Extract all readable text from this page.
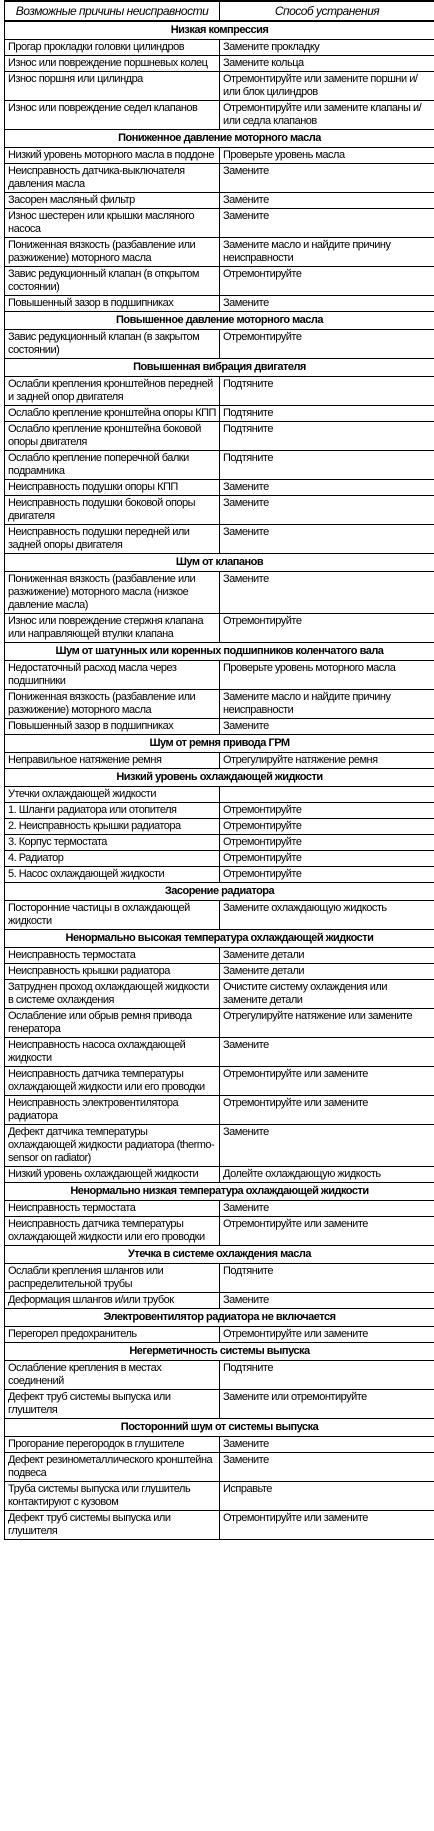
Возможные причины неисправности	Способ устранения
Низкая компрессия	
Прогар прокладки головки цилиндров	Замените прокладку
Износ или повреждение поршневых колец	Замените кольца
Износ поршня или цилиндра	Отремонтируйте или замените поршни и/или блок цилиндров
Износ или повреждение седел клапанов	Отремонтируйте или замените клапаны и/или седла клапанов
Пониженное давление моторного масла	
Низкий уровень моторного масла в поддоне	Проверьте уровень масла
Неисправность датчика-выключателя давления масла	Замените
Засорен масляный фильтр	Замените
Износ шестерен или крышки масляного насоса	Замените
Пониженная вязкость (разбавление или разжижение) моторного масла	Замените масло и найдите причину неисправности
Завис редукционный клапан (в открытом состоянии)	Отремонтируйте
Повышенный зазор в подшипниках	Замените
Повышенное давление моторного масла	
Завис редукционный клапан (в закрытом состоянии)	Отремонтируйте
Повышенная вибрация двигателя	
Ослабли крепления кронштейнов передней и задней опор двигателя	Подтяните
Ослабло крепление кронштейна опоры КПП	Подтяните
Ослабло крепление кронштейна боковой опоры двигателя	Подтяните
Ослабло крепление поперечной балки подрамника	Подтяните
Неисправность подушки опоры КПП	Замените
Неисправность подушки боковой опоры двигателя	Замените
Неисправность подушки передней или задней опоры двигателя	Замените
Шум от клапанов	
Пониженная вязкость (разбавление или разжижение) моторного масла (низкое давление масла)	Замените
Износ или повреждение стержня клапана или направляющей втулки клапана	Отремонтируйте
Шум от шатунных или коренных подшипников коленчатого вала	
Недостаточный расход масла через подшипники	Проверьте уровень моторного масла
Пониженная вязкость (разбавление или разжижение) моторного масла	Замените масло и найдите причину неисправности
Повышенный зазор в подшипниках	Замените
Шум от ремня привода ГРМ	
Неправильное натяжение ремня	Отрегулируйте натяжение ремня
Низкий уровень охлаждающей жидкости	
Утечки охлаждающей жидкости	
1. Шланги радиатора или отопителя	Отремонтируйте
2. Неисправность крышки радиатора	Отремонтируйте
3. Корпус термостата	Отремонтируйте
4. Радиатор	Отремонтируйте
5. Насос охлаждающей жидкости	Отремонтируйте
Засорение радиатора	
Посторонние частицы в охлаждающей жидкости	Замените охлаждающую жидкость
Ненормально высокая температура охлаждающей жидкости	
Неисправность термостата	Замените детали
Неисправность крышки радиатора	Замените детали
Затруднен проход охлаждающей жидкости в системе охлаждения	Очистите систему охлаждения или замените детали
Ослабление или обрыв ремня привода генератора	Отрегулируйте натяжение или замените
Неисправность насоса охлаждающей жидкости	Замените
Неисправность датчика температуры охлаждающей жидкости или его проводки	Отремонтируйте или замените
Неисправность электровентилятора радиатора	Отремонтируйте или замените
Дефект датчика температуры охлаждающей жидкости радиатора (thermo-sensor on radiator)	Замените
Низкий уровень охлаждающей жидкости	Долейте охлаждающую жидкость
Ненормально низкая температура охлаждающей жидкости	
Неисправность термостата	Замените
Неисправность датчика температуры охлаждающей жидкости или его проводки	Отремонтируйте или замените
Утечка в системе охлаждения масла	
Ослабли крепления шлангов или распределительной трубы	Подтяните
Деформация шлангов и/или трубок	Замените
Электровентилятор радиатора не включается	
Перегорел предохранитель	Отремонтируйте или замените
Негерметичность системы выпуска	
Ослабление крепления в местах соединений	Подтяните
Дефект труб системы выпуска или глушителя	Замените или отремонтируйте
Посторонний шум от системы выпуска	
Прогорание перегородок в глушителе	Замените
Дефект резинометаллического кронштейна подвеса	Замените
Труба системы выпуска или глушитель контактируют с кузовом	Исправьте
Дефект труб системы выпуска или глушителя	Отремонтируйте или замените
